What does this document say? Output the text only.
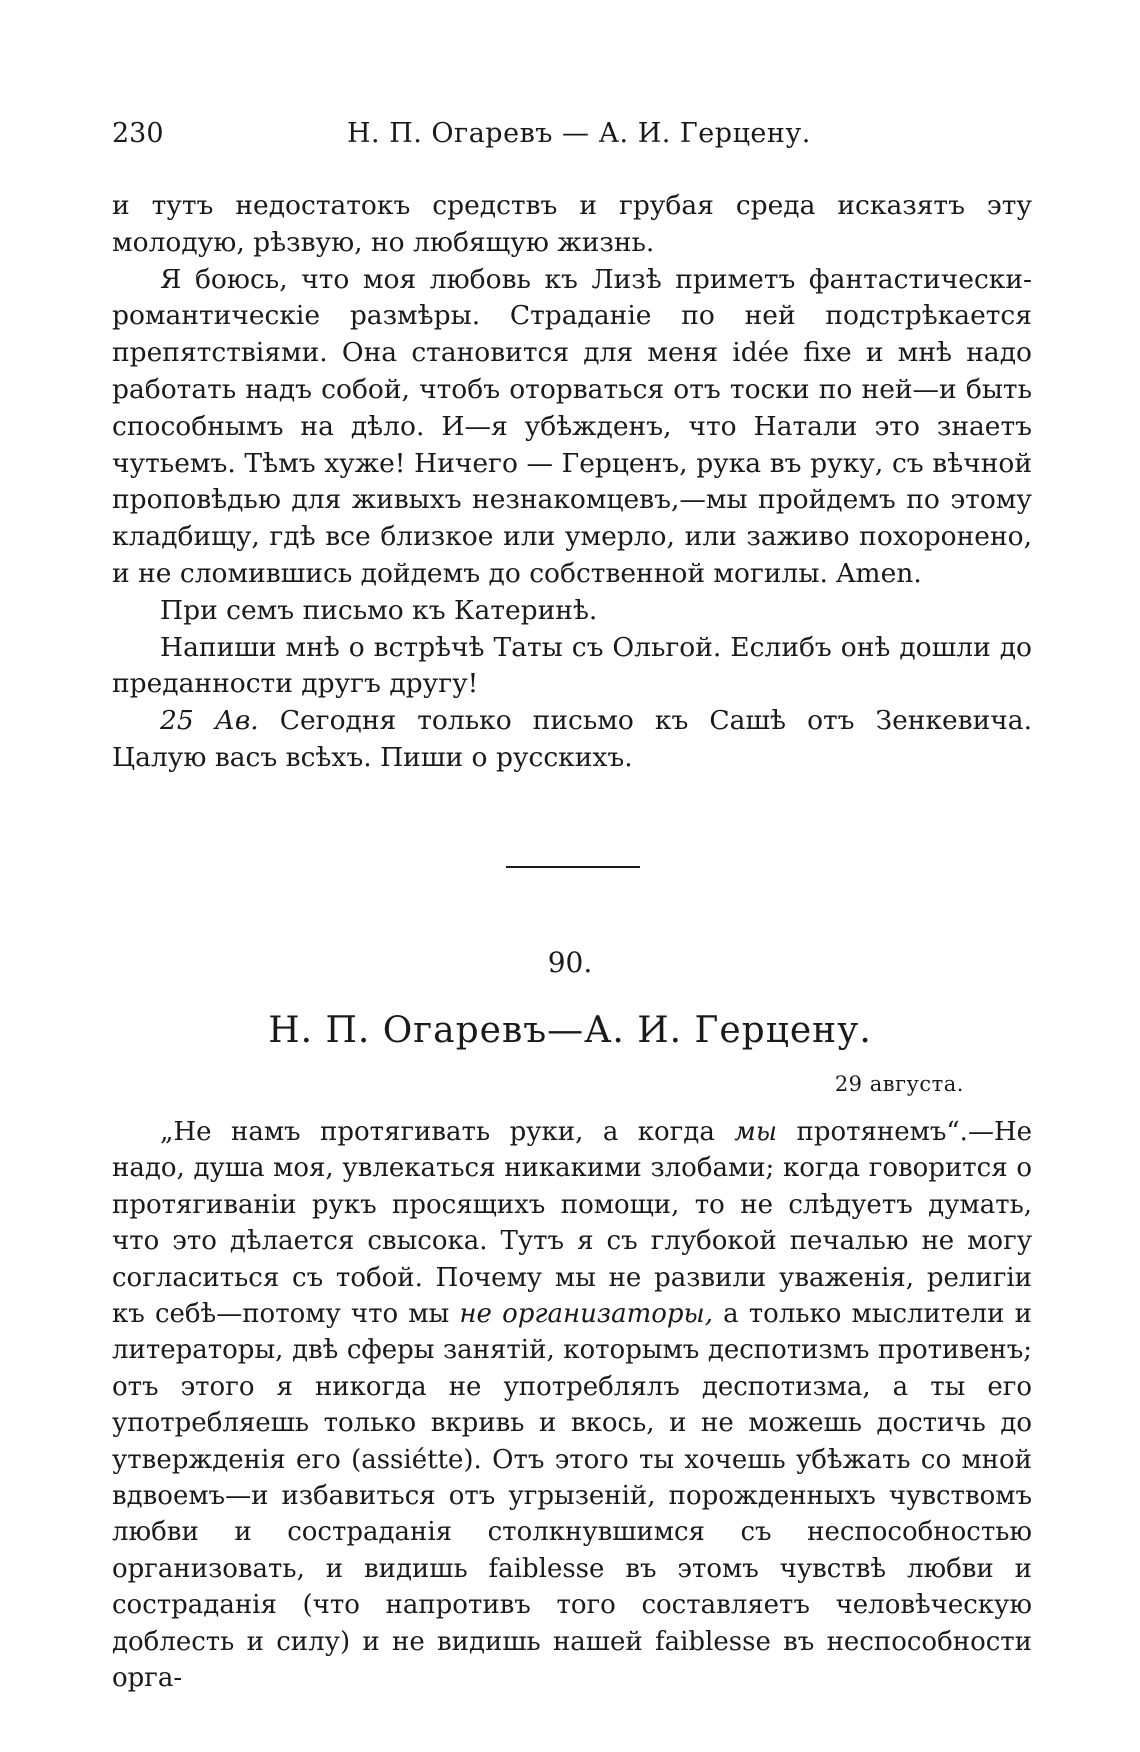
230	Н. П. Огаревъ — А. И. Герцену.

и тутъ недостатокъ средствъ и грубая среда исказятъ эту молодую, рѣзвую, но любящую жизнь.

Я боюсь, что моя любовь къ Лизѣ приметъ фантастически-романтическіе размѣры. Страданіе по ней подстрѣкается препятствіями. Она становится для меня idée fixe и мнѣ надо работать надъ собой, чтобъ оторваться отъ тоски по ней—и быть способнымъ на дѣло. И—я убѣжденъ, что Натали это знаетъ чутьемъ. Тѣмъ хуже! Ничего — Герценъ, рука въ руку, съ вѣчной проповѣдью для живыхъ незнакомцевъ,—мы пройдемъ по этому кладбищу, гдѣ все близкое или умерло, или заживо похоронено, и не сломившись дойдемъ до собственной могилы. Amen.

При семъ письмо къ Катеринѣ.

Напиши мнѣ о встрѣчѣ Таты съ Ольгой. Еслибъ онѣ дошли до преданности другъ другу!

25 Ав. Сегодня только письмо къ Сашѣ отъ Зенкевича. Цалую васъ всѣхъ. Пиши о русскихъ.

90.
Н. П. Огаревъ—А. И. Герцену.
29 августа.

„Не намъ протягивать руки, а когда мы протянемъ“.—Не надо, душа моя, увлекаться никакими злобами; когда говорится о протягиваніи рукъ просящихъ помощи, то не слѣдуетъ думать, что это дѣлается свысока. Тутъ я съ глубокой печалью не могу согласиться съ тобой. Почему мы не развили уваженія, религіи къ себѣ—потому что мы не организаторы, а только мыслители и литераторы, двѣ сферы занятій, которымъ деспотизмъ противенъ; отъ этого я никогда не употреблялъ деспотизма, а ты его употребляешь только вкривь и вкось, и не можешь достичь до утвержденія его (assiétte). Отъ этого ты хочешь убѣжать со мной вдвоемъ—и избавиться отъ угрызеній, порожденныхъ чувствомъ любви и состраданія столкнувшимся съ неспособностью организовать, и видишь faiblesse въ этомъ чувствѣ любви и состраданія (что напротивъ того составляетъ человѣческую доблесть и силу) и не видишь нашей faiblesse въ неспособности орга-
